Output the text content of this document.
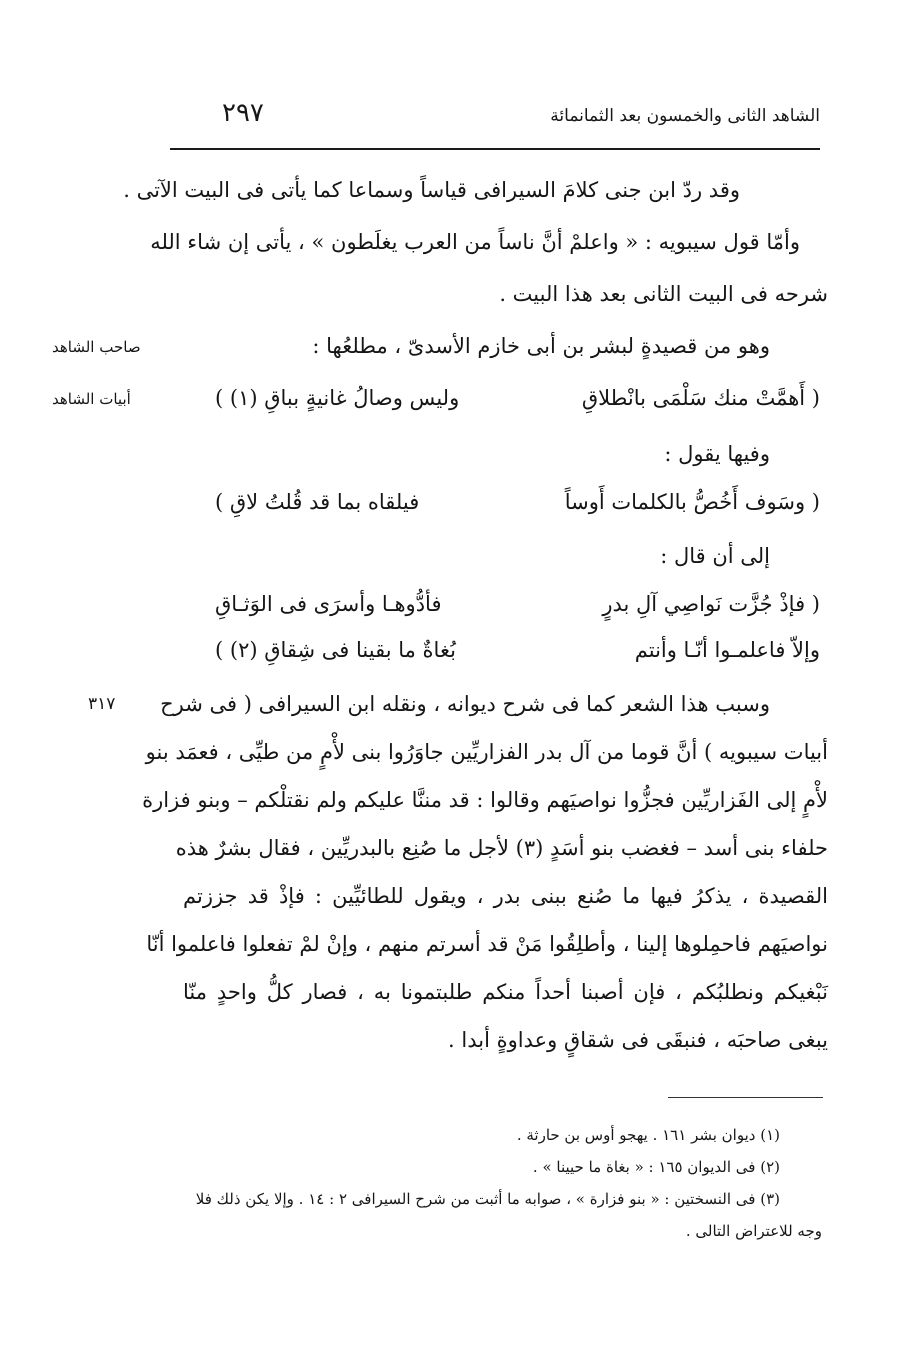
الشاهد الثانى والخمسون بعد الثمانمائة
٢٩٧
وقد ردّ ابن جنى كلامَ السيرافى قياساً وسماعا كما يأتى فى البيت الآتى .
وأمّا قول سيبويه : « واعلمْ أنَّ ناساً من العرب يغلَطون » ، يأتى إن شاء الله
شرحه فى البيت الثانى بعد هذا البيت .
وهو من قصيدةٍ لبشر بن أبى خازم الأسدىّ ، مطلعُها :
صاحب الشاهد
( أَهمَّتْ منك سَلْمَى بانْطلاقِ
وليس وصالُ غانيةٍ بباقِ (١) )
أبيات الشاهد
وفيها يقول :
( وسَوف أَخُصُّ بالكلمات أَوساً
فيلقاه بما قد قُلتُ لاقِ )
إلى أن قال :
( فإذْ جُزَّت نَواصِي آلِ بدرٍ
فأدُّوهـا وأسرَى فى الوَثـاقِ
وإلاّ فاعلمـوا أنّـا وأنتم
بُغاةٌ ما بقينا فى شِقاقِ (٢) )
٣١٧ وسبب هذا الشعر كما فى شرح ديوانه ، ونقله ابن السيرافى ( فى شرح
أبيات سيبويه ) أنَّ قوما من آل بدر الفزاريِّين جاوَرُوا بنى لأْمٍ من طيِّى ، فعمَد بنو
لأْمٍ إلى الفَزاريِّين فجزُّوا نواصيَهم وقالوا : قد مننَّا عليكم ولم نقتلْكم – وبنو فزارة
حلفاء بنى أسد – فغضب بنو أسَدٍ (٣) لأجل ما صُنِع بالبدريِّين ، فقال بشرٌ هذه
القصيدة ، يذكرُ فيها ما صُنع ببنى بدر ، ويقول للطائيِّين : فإذْ قد جززتم
نواصيَهم فاحمِلوها إلينا ، وأطلِقُوا مَنْ قد أسرتم منهم ، وإنْ لمْ تفعلوا فاعلموا أنّا
نَبْغيكم ونطلبُكم ، فإن أصبنا أحداً منكم طلبتمونا به ، فصار كلُّ واحدٍ منّا
يبغى صاحبَه ، فنبقَى فى شقاقٍ وعداوةٍ أبدا .
(١) ديوان بشر ١٦١ . يهجو أوس بن حارثة .
(٢) فى الديوان ١٦٥ : « بغاة ما حيينا » .
(٣) فى النسختين : « بنو فزارة » ، صوابه ما أثبت من شرح السيرافى ٢ : ١٤ . وإلا يكن ذلك فلا
وجه للاعتراض التالى .
